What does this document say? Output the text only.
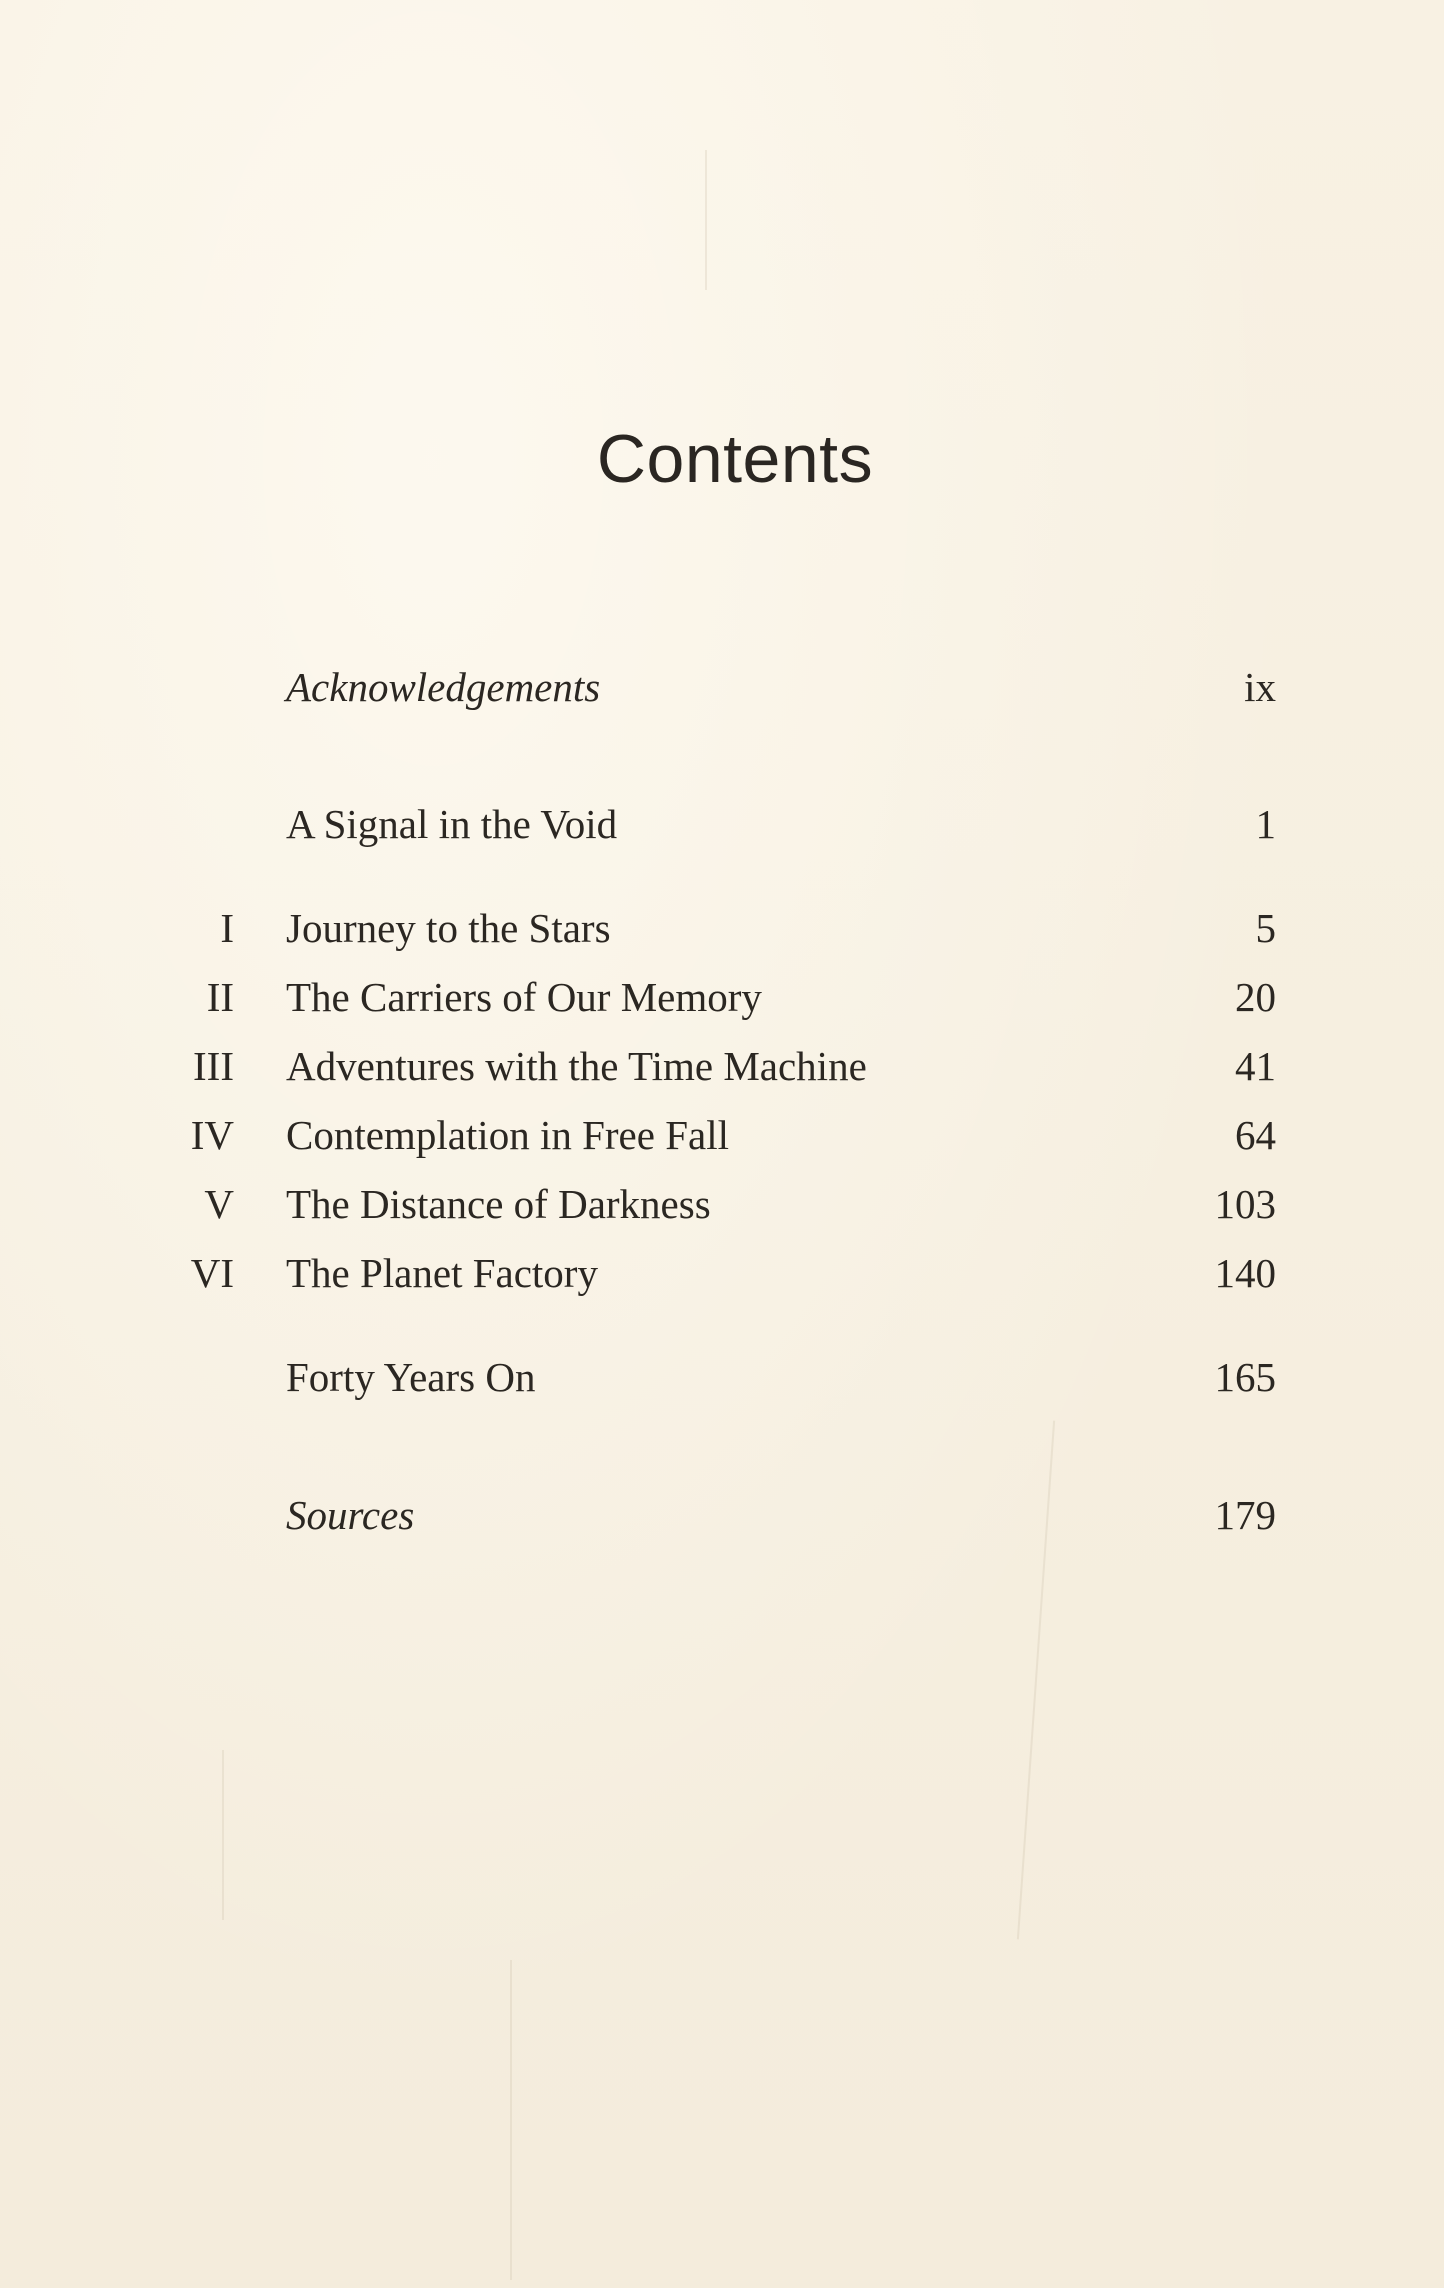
Contents
Acknowledgements	ix
A Signal in the Void	1
I Journey to the Stars	5
II The Carriers of Our Memory	20
III Adventures with the Time Machine	41
IV Contemplation in Free Fall	64
V The Distance of Darkness	103
VI The Planet Factory	140
Forty Years On	165
Sources	179
